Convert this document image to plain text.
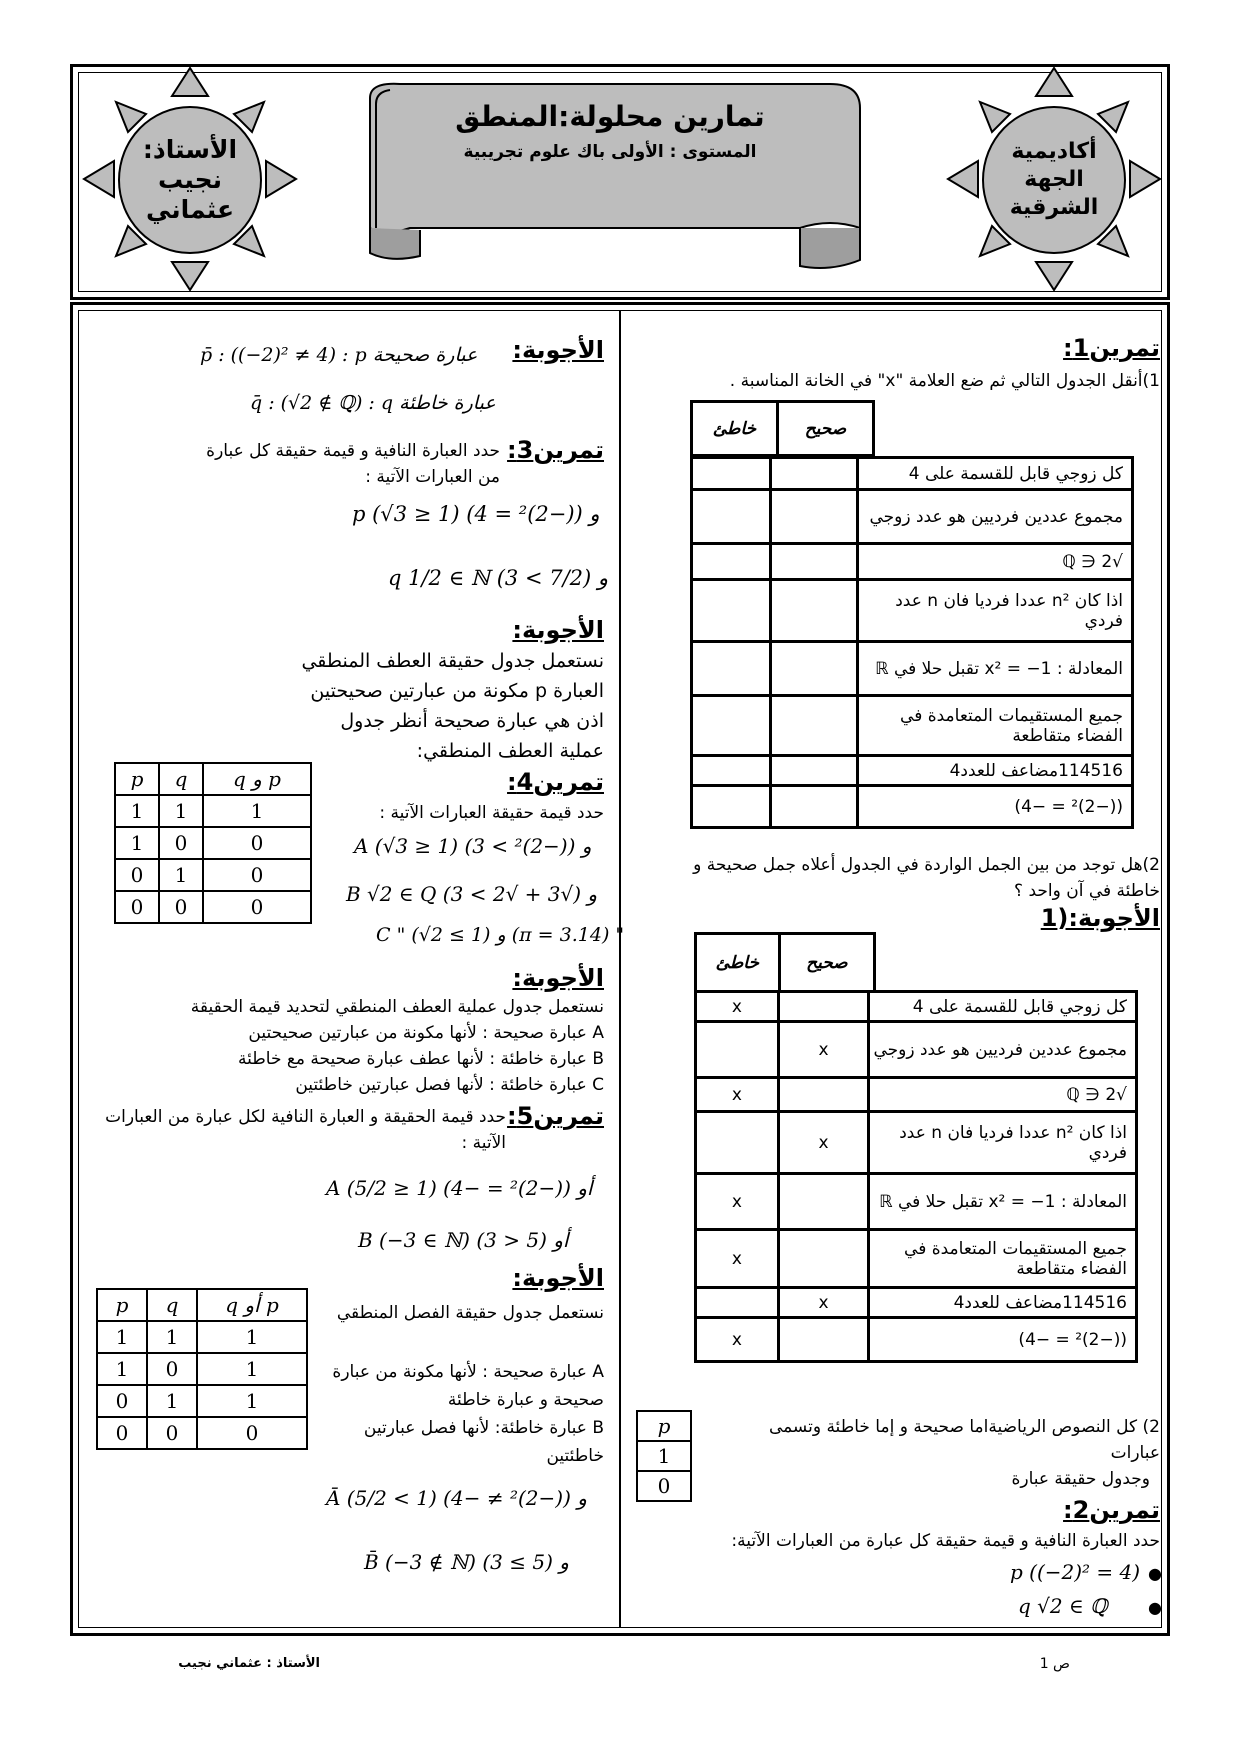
الأستاذ:
نجيب
عثماني
أكاديمية
الجهة
الشرقية
تمارين محلولة:المنطق
المستوى : الأولى باك علوم تجريبية
تمرين1:
1)أنقل الجدول التالي ثم ضع العلامة "x" في الخانة المناسبة .
	صحيح	خاطئ
كل زوجي قابل للقسمة على 4		
مجموع عددين فرديين هو عدد زوجي		
√2 ∈ ℚ		
اذا كان n² عددا فرديا فان n عدد فردي		
المعادلة : x² = −1 تقبل حلا في ℝ		
جميع المستقيمات المتعامدة في الفضاء متقاطعة		
114516مضاعف للعدد4		
((−2)² = −4)		
2)هل توجد من بين الجمل الواردة في الجدول أعلاه جمل صحيحة و خاطئة في آن واحد ؟
الأجوبة:(1
	صحيح	خاطئ
كل زوجي قابل للقسمة على 4		x
مجموع عددين فرديين هو عدد زوجي	x	
√2 ∈ ℚ		x
اذا كان n² عددا فرديا فان n عدد فردي	x	
المعادلة : x² = −1 تقبل حلا في ℝ		x
جميع المستقيمات المتعامدة في الفضاء متقاطعة		x
114516مضاعف للعدد4	x	
((−2)² = −4)		x
p
1
0
2) كل النصوص الرياضيةاما صحيحة و إما خاطئة وتسمى عبارات
وجدول حقيقة عبارة
تمرين2:
حدد العبارة النافية و قيمة حقيقة كل عبارة من العبارات الآتية:
p ((−2)² = 4) ●
q √2 ∈ ℚ	●
الأجوبة:
p̄ : ((−2)² ≠ 4) : p عبارة صحيحة
q̄ : (√2 ∉ ℚ) : q عبارة خاطئة
تمرين3:
حدد العبارة النافية و قيمة حقيقة كل عبارة من العبارات الآتية :
p (√3 ≥ 1) و ((−2)² = 4)
q 1/2 ∈ ℕ و (7/2 > 3)
الأجوبة:
نستعمل جدول حقيقة العطف المنطقي
العبارة p مكونة من عبارتين صحيحتين
اذن هي عبارة صحيحة أنظر جدول
عملية العطف المنطقي:
p	q	q و p
1	1	1
1	0	0
0	1	0
0	0	0
تمرين4:
حدد قيمة حقيقة العبارات الآتية :
A (√3 ≥ 1) و ((−2)² > 3)
B √2 ∈ Q و (√3 + √2 > 3)
C " (√2 ≤ 1) و (π = 3.14) "
الأجوبة:
نستعمل جدول عملية العطف المنطقي لتحديد قيمة الحقيقة
A عبارة صحيحة : لأنها مكونة من عبارتين صحيحتين
B عبارة خاطئة : لأنها عطف عبارة صحيحة مع خاطئة
C عبارة خاطئة : لأنها فصل عبارتين خاطئتين
تمرين5:
حدد قيمة الحقيقة و العبارة النافية لكل عبارة من العبارات الآتية :
A (5/2 ≥ 1) أو ((−2)² = −4)
B (−3 ∈ ℕ) أو (5 < 3)
الأجوبة:
p	q	q أو p
1	1	1
1	0	1
0	1	1
0	0	0
نستعمل جدول حقيقة الفصل المنطقي
A عبارة صحيحة : لأنها مكونة من عبارة صحيحة و عبارة خاطئة
B عبارة خاطئة: لأنها فصل عبارتين خاطئتين
Ā (5/2 < 1) و ((−2)² ≠ −4)
B̄ (−3 ∉ ℕ) و (5 ≥ 3)
الأستاذ : عثماني نجيب	ص 1
